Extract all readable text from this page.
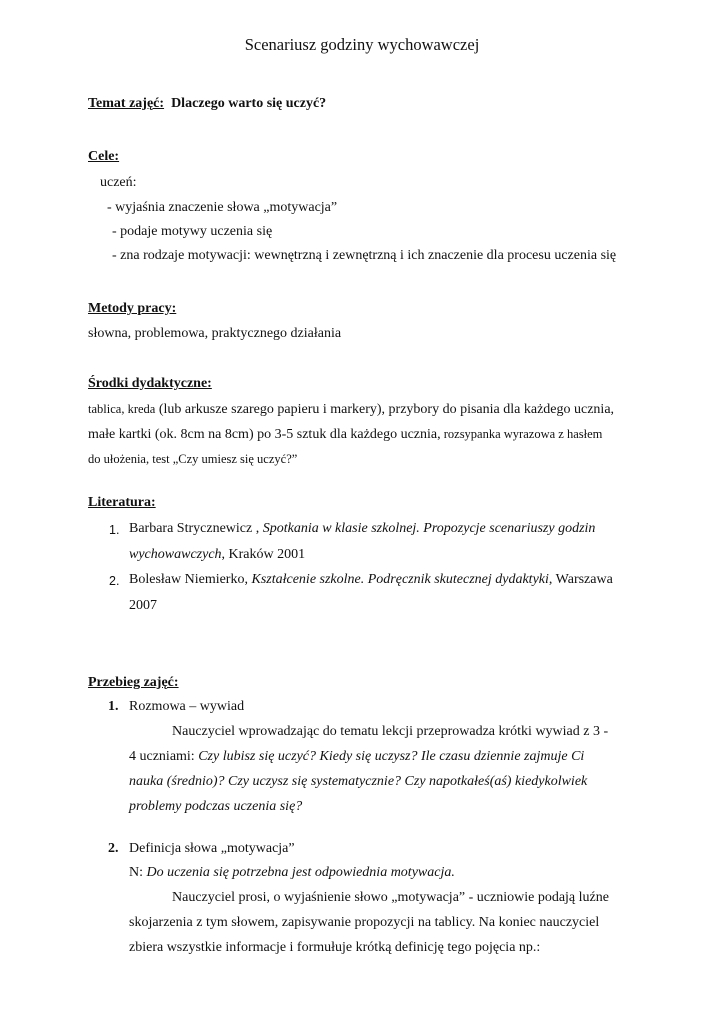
Scenariusz godziny wychowawczej
Temat zajęć: Dlaczego warto się uczyć?
Cele:
uczeń:
- wyjaśnia znaczenie słowa „motywacja”
- podaje motywy uczenia się
- zna rodzaje motywacji: wewnętrzną i zewnętrzną i ich znaczenie dla procesu uczenia się
Metody pracy:
słowna, problemowa, praktycznego działania
Środki dydaktyczne:
tablica, kreda (lub arkusze szarego papieru i markery), przybory do pisania dla każdego ucznia,
małe kartki (ok. 8cm na 8cm) po 3-5 sztuk dla każdego ucznia, rozsypanka wyrazowa z hasłem
do ułożenia, test „Czy umiesz się uczyć?”
Literatura:
1. Barbara Strycznewicz , Spotkania w klasie szkolnej. Propozycje scenariuszy godzin
wychowawczych, Kraków 2001
2. Bolesław Niemierko, Kształcenie szkolne. Podręcznik skutecznej dydaktyki, Warszawa
2007
Przebieg zajęć:
1. Rozmowa – wywiad
Nauczyciel wprowadzając do tematu lekcji przeprowadza krótki wywiad z 3 -
4 uczniami: Czy lubisz się uczyć? Kiedy się uczysz? Ile czasu dziennie zajmuje Ci
nauka (średnio)? Czy uczysz się systematycznie? Czy napotkałeś(aś) kiedykolwiek
problemy podczas uczenia się?
2. Definicja słowa „motywacja”
N: Do uczenia się potrzebna jest odpowiednia motywacja.
Nauczyciel prosi, o wyjaśnienie słowo „motywacja” - uczniowie podają luźne
skojarzenia z tym słowem, zapisywanie propozycji na tablicy. Na koniec nauczyciel
zbiera wszystkie informacje i formułuje krótką definicję tego pojęcia np.:
